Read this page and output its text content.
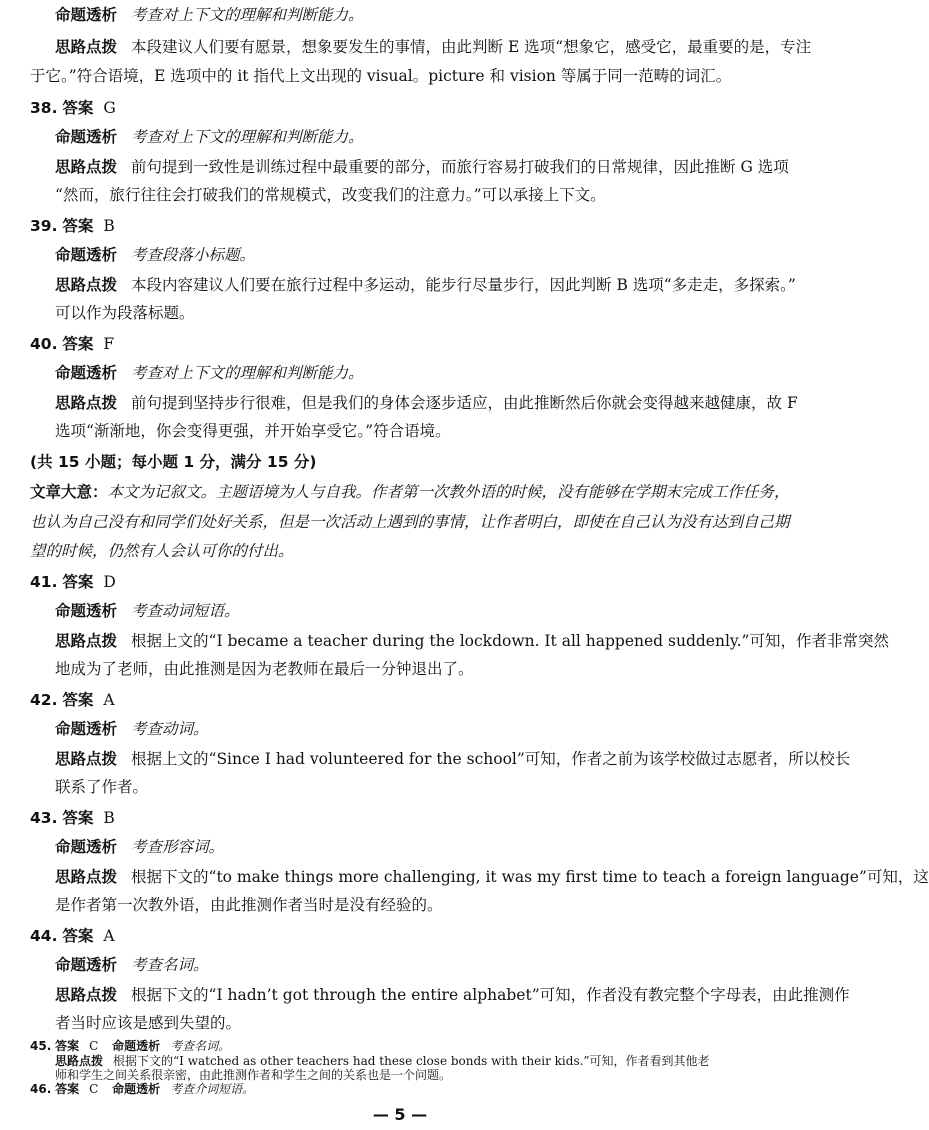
命题透析 考查对上下文的理解和判断能力。
思路点拨 本段建议人们要有愿景，想象要发生的事情，由此判断 E 选项“想象它，感受它，最重要的是，专注
于它。”符合语境，E 选项中的 it 指代上文出现的 visual。picture 和 vision 等属于同一范畴的词汇。
38. 答案 G
命题透析 考查对上下文的理解和判断能力。
思路点拨 前句提到一致性是训练过程中最重要的部分，而旅行容易打破我们的日常规律，因此推断 G 选项
“然而，旅行往往会打破我们的常规模式，改变我们的注意力。”可以承接上下文。
39. 答案 B
命题透析 考查段落小标题。
思路点拨 本段内容建议人们要在旅行过程中多运动，能步行尽量步行，因此判断 B 选项“多走走，多探索。”
可以作为段落标题。
40. 答案 F
命题透析 考查对上下文的理解和判断能力。
思路点拨 前句提到坚持步行很难，但是我们的身体会逐步适应，由此推断然后你就会变得越来越健康，故 F
选项“渐渐地，你会变得更强，并开始享受它。”符合语境。
(共 15 小题；每小题 1 分，满分 15 分)
文章大意：本文为记叙文。主题语境为人与自我。作者第一次教外语的时候，没有能够在学期末完成工作任务，
也认为自己没有和同学们处好关系，但是一次活动上遇到的事情，让作者明白，即使在自己认为没有达到自己期
望的时候，仍然有人会认可你的付出。
41. 答案 D
命题透析 考查动词短语。
思路点拨 根据上文的“I became a teacher during the lockdown. It all happened suddenly.”可知，作者非常突然
地成为了老师，由此推测是因为老教师在最后一分钟退出了。
42. 答案 A
命题透析 考查动词。
思路点拨 根据上文的“Since I had volunteered for the school”可知，作者之前为该学校做过志愿者，所以校长
联系了作者。
43. 答案 B
命题透析 考查形容词。
思路点拨 根据下文的“to make things more challenging, it was my first time to teach a foreign language”可知，这
是作者第一次教外语，由此推测作者当时是没有经验的。
44. 答案 A
命题透析 考查名词。
思路点拨 根据下文的“I hadn’t got through the entire alphabet”可知，作者没有教完整个字母表，由此推测作
者当时应该是感到失望的。
45. 答案 C 命题透析 考查名词。
思路点拨 根据下文的“I watched as other teachers had these close bonds with their kids.”可知，作者看到其他老
师和学生之间关系很亲密，由此推测作者和学生之间的关系也是一个问题。
46. 答案 C 命题透析 考查介词短语。
— 5 —
